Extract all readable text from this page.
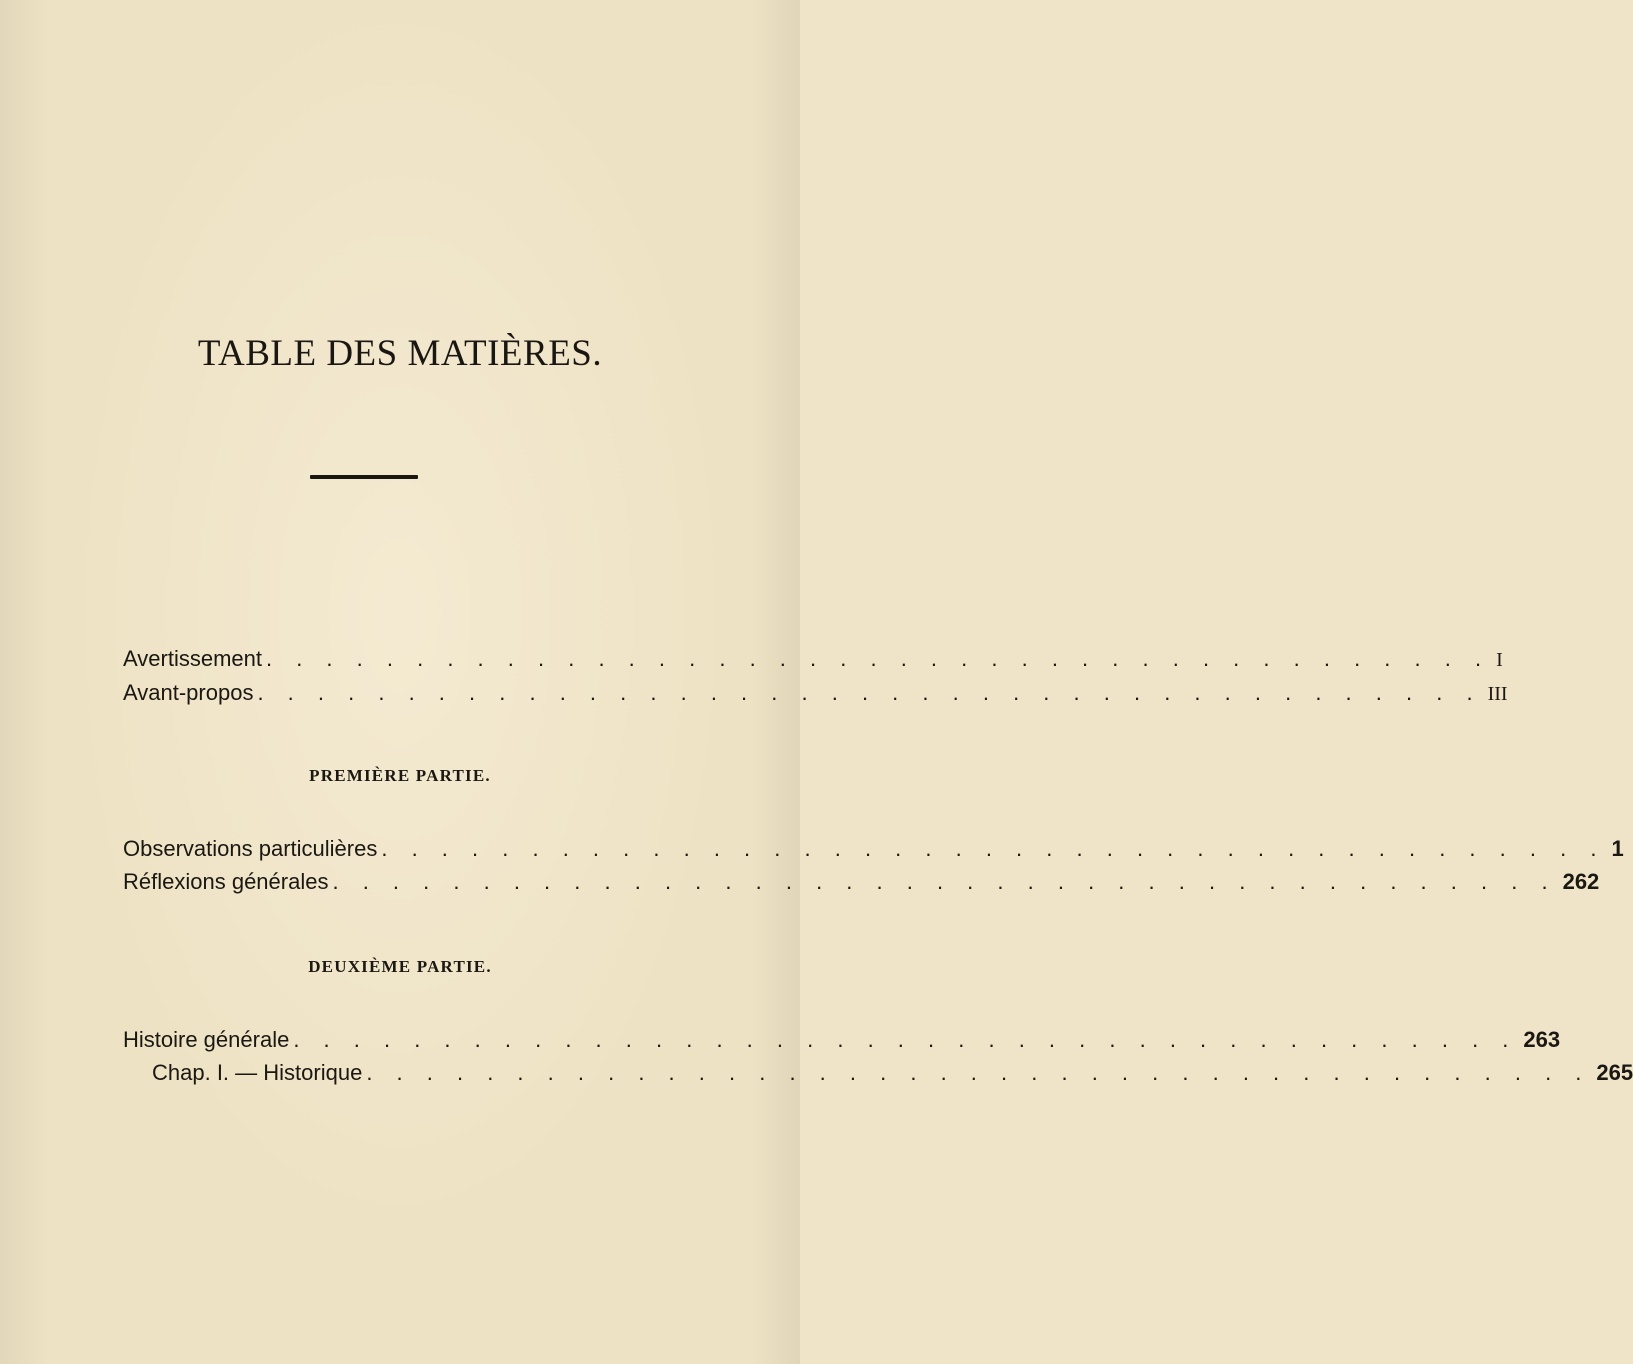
TABLE DES MATIÈRES.
Avertissement . . . . . . . . . . . . . . . . . . . . . . . . . . . . . . . . . . . . . . . . . I
Avant-propos . . . . . . . . . . . . . . . . . . . . . . . . . . . . . . . . . . . . . . . . . III
PREMIÈRE PARTIE.
Observations particulières . . . . . . . . . . . . . . . . . . . . . . . . . . . . . . . . . . . . . . . . . 1
Réflexions générales . . . . . . . . . . . . . . . . . . . . . . . . . . . . . . . . . . . . . . . . . 262
DEUXIÈME PARTIE.
Histoire générale . . . . . . . . . . . . . . . . . . . . . . . . . . . . . . . . . . . . . . . . . 263
Chap. I. — Historique . . . . . . . . . . . . . . . . . . . . . . . . . . . . . . . . . . . . . . . . . 265
